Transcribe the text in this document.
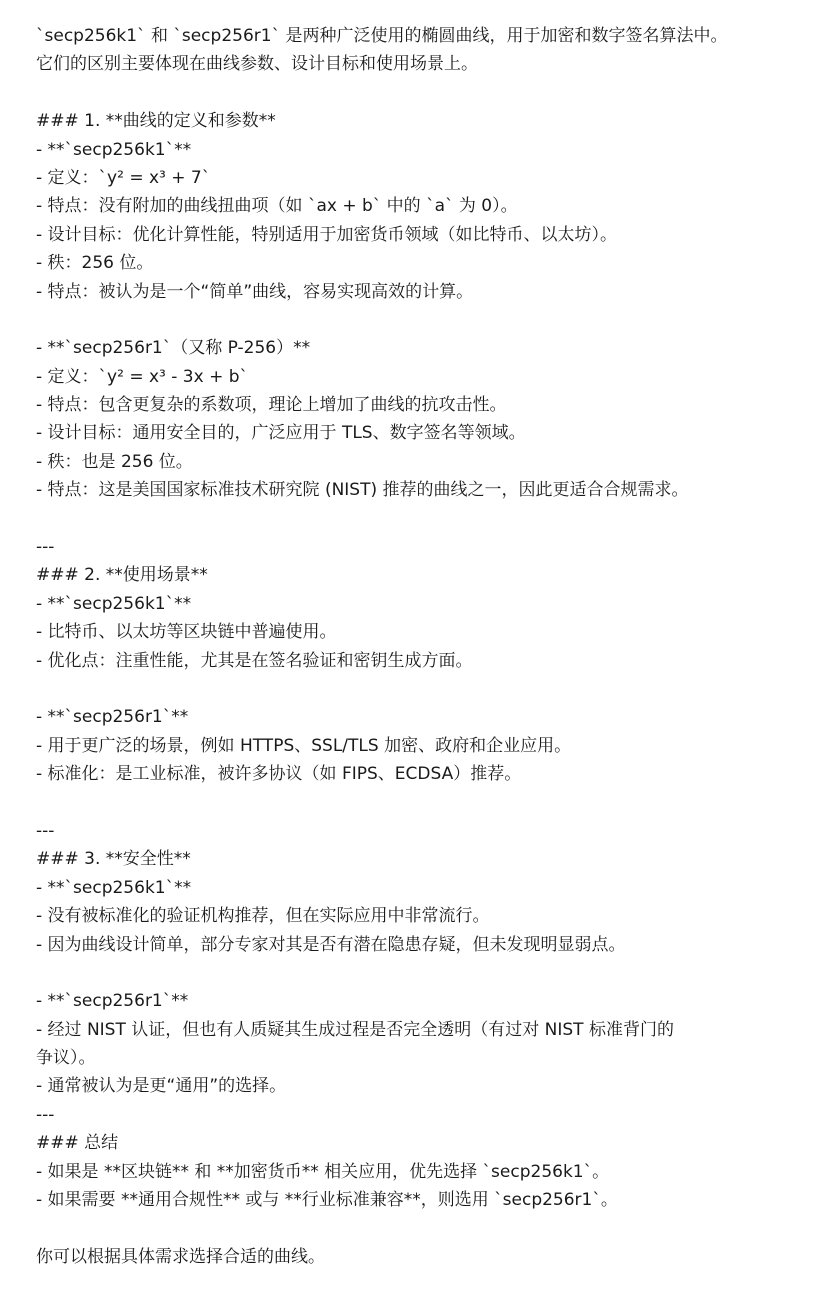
`secp256k1` 和 `secp256r1` 是两种广泛使用的椭圆曲线，用于加密和数字签名算法中。
它们的区别主要体现在曲线参数、设计目标和使用场景上。
### 1. **曲线的定义和参数**
- **`secp256k1`**
- 定义：`y² = x³ + 7`
- 特点：没有附加的曲线扭曲项（如 `ax + b` 中的 `a` 为 0）。
- 设计目标：优化计算性能，特别适用于加密货币领域（如比特币、以太坊）。
- 秩：256 位。
- 特点：被认为是一个“简单”曲线，容易实现高效的计算。
- **`secp256r1`（又称 P-256）**
- 定义：`y² = x³ - 3x + b`
- 特点：包含更复杂的系数项，理论上增加了曲线的抗攻击性。
- 设计目标：通用安全目的，广泛应用于 TLS、数字签名等领域。
- 秩：也是 256 位。
- 特点：这是美国国家标准技术研究院 (NIST) 推荐的曲线之一，因此更适合合规需求。
---
### 2. **使用场景**
- **`secp256k1`**
- 比特币、以太坊等区块链中普遍使用。
- 优化点：注重性能，尤其是在签名验证和密钥生成方面。
- **`secp256r1`**
- 用于更广泛的场景，例如 HTTPS、SSL/TLS 加密、政府和企业应用。
- 标准化：是工业标准，被许多协议（如 FIPS、ECDSA）推荐。
---
### 3. **安全性**
- **`secp256k1`**
- 没有被标准化的验证机构推荐，但在实际应用中非常流行。
- 因为曲线设计简单，部分专家对其是否有潜在隐患存疑，但未发现明显弱点。
- **`secp256r1`**
- 经过 NIST 认证，但也有人质疑其生成过程是否完全透明（有过对 NIST 标准背门的
争议）。
- 通常被认为是更“通用”的选择。
---
### 总结
- 如果是 **区块链** 和 **加密货币** 相关应用，优先选择 `secp256k1`。
- 如果需要 **通用合规性** 或与 **行业标准兼容**，则选用 `secp256r1`。
你可以根据具体需求选择合适的曲线。
